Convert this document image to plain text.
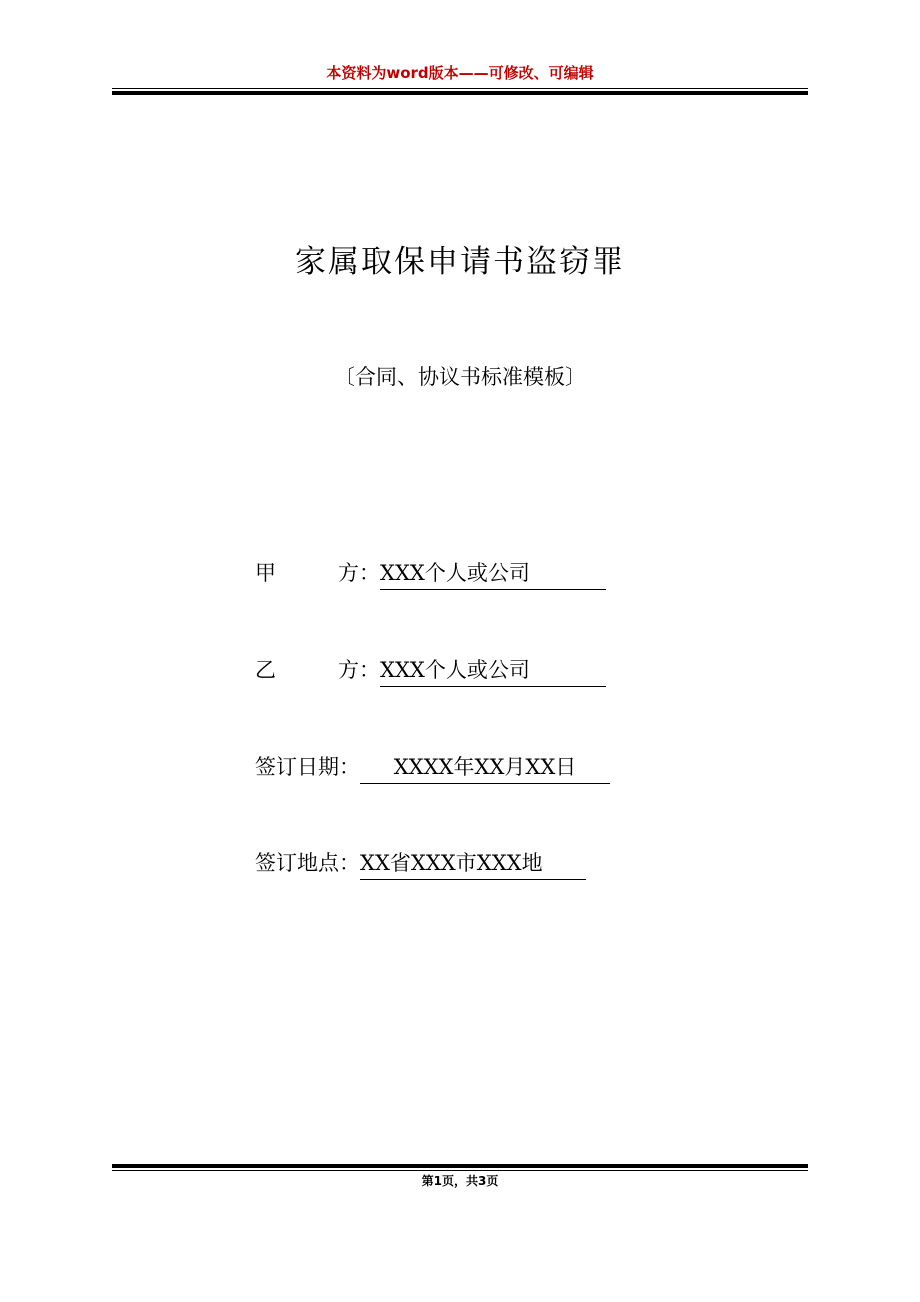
本资料为word版本——可修改、可编辑
家属取保申请书盗窃罪
〔合同、协议书标准模板〕
甲	方： XXX个人或公司
乙	方： XXX个人或公司
签订日期： XXXX年XX月XX日
签订地点：XX省XXX市XXX地
第1页，共3页
